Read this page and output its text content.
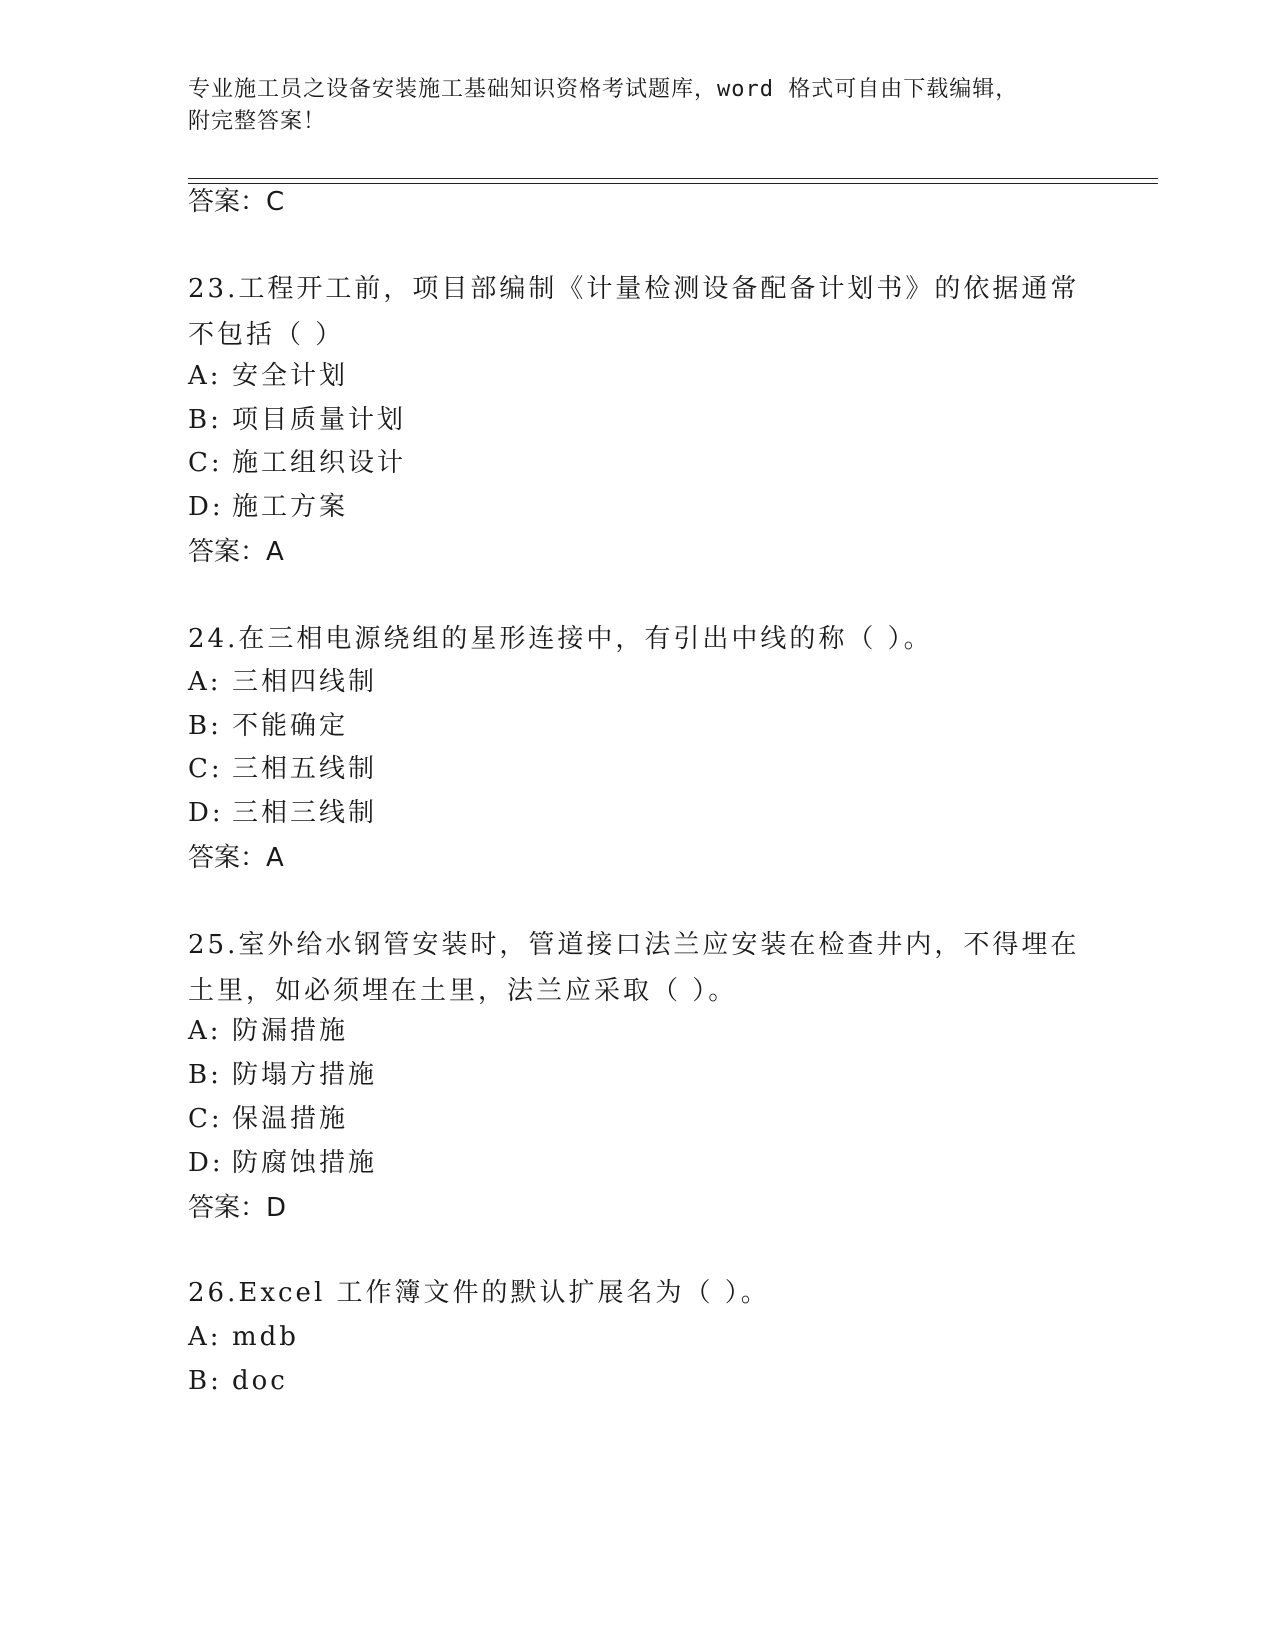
专业施工员之设备安装施工基础知识资格考试题库，word 格式可自由下载编辑，
附完整答案！
答案：C
23.工程开工前，项目部编制《计量检测设备配备计划书》的依据通常不包括（ ）
A: 安全计划
B: 项目质量计划
C: 施工组织设计
D: 施工方案
答案：A
24.在三相电源绕组的星形连接中，有引出中线的称（ ）。
A: 三相四线制
B: 不能确定
C: 三相五线制
D: 三相三线制
答案：A
25.室外给水钢管安装时，管道接口法兰应安装在检查井内，不得埋在土里，如必须埋在土里，法兰应采取（ ）。
A: 防漏措施
B: 防塌方措施
C: 保温措施
D: 防腐蚀措施
答案：D
26.Excel 工作簿文件的默认扩展名为（ ）。
A: mdb
B: doc
